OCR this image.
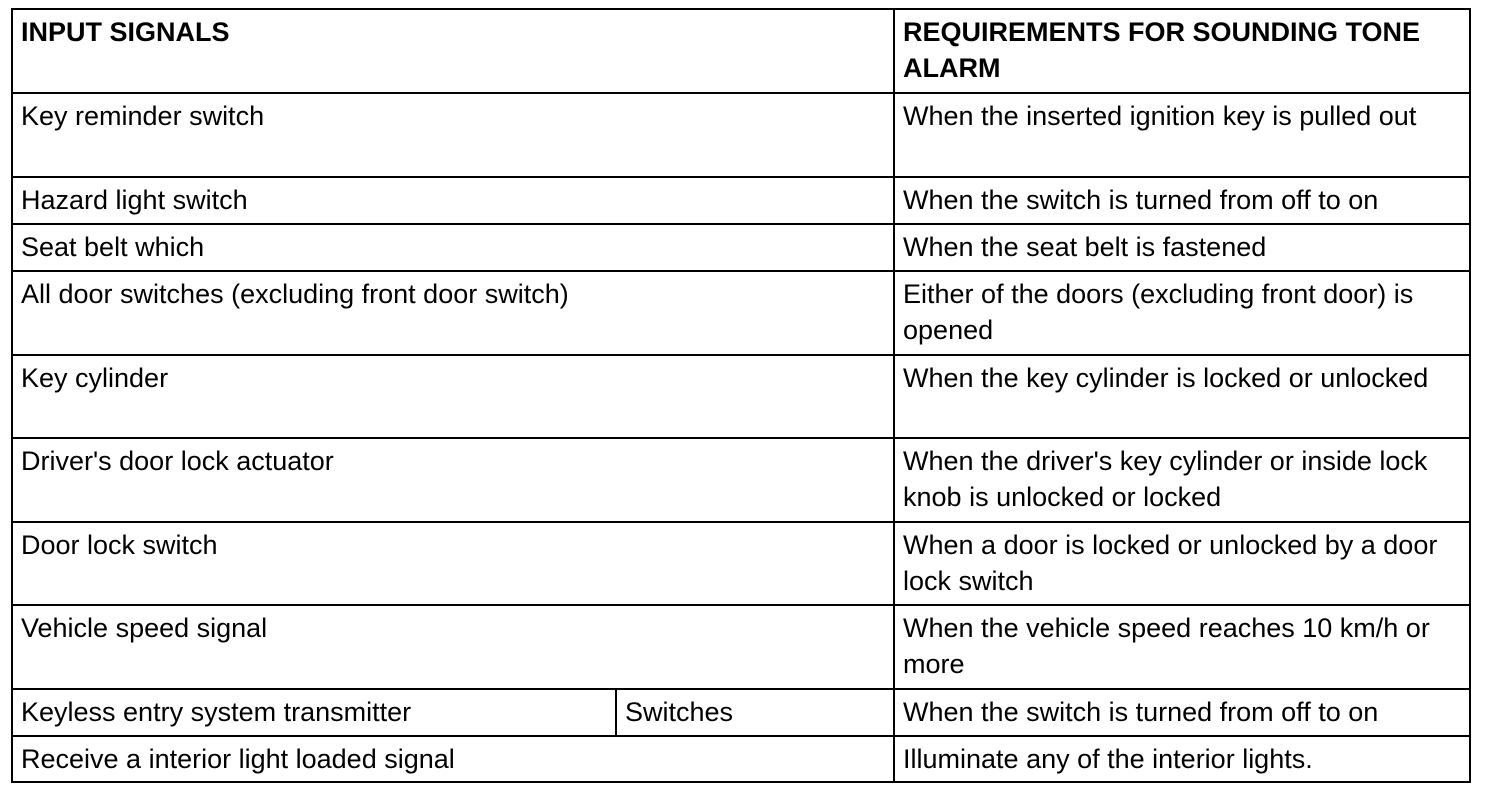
INPUT SIGNALS		REQUIREMENTS FOR SOUNDING TONE ALARM
Key reminder switch		When the inserted ignition key is pulled out
Hazard light switch		When the switch is turned from off to on
Seat belt which		When the seat belt is fastened
All door switches (excluding front door switch)		Either of the doors (excluding front door) is opened
Key cylinder		When the key cylinder is locked or unlocked
Driver's door lock actuator		When the driver's key cylinder or inside lock knob is unlocked or locked
Door lock switch		When a door is locked or unlocked by a door lock switch
Vehicle speed signal		When the vehicle speed reaches 10 km/h or more
Keyless entry system transmitter	Switches	When the switch is turned from off to on
Receive a interior light loaded signal		Illuminate any of the interior lights.
